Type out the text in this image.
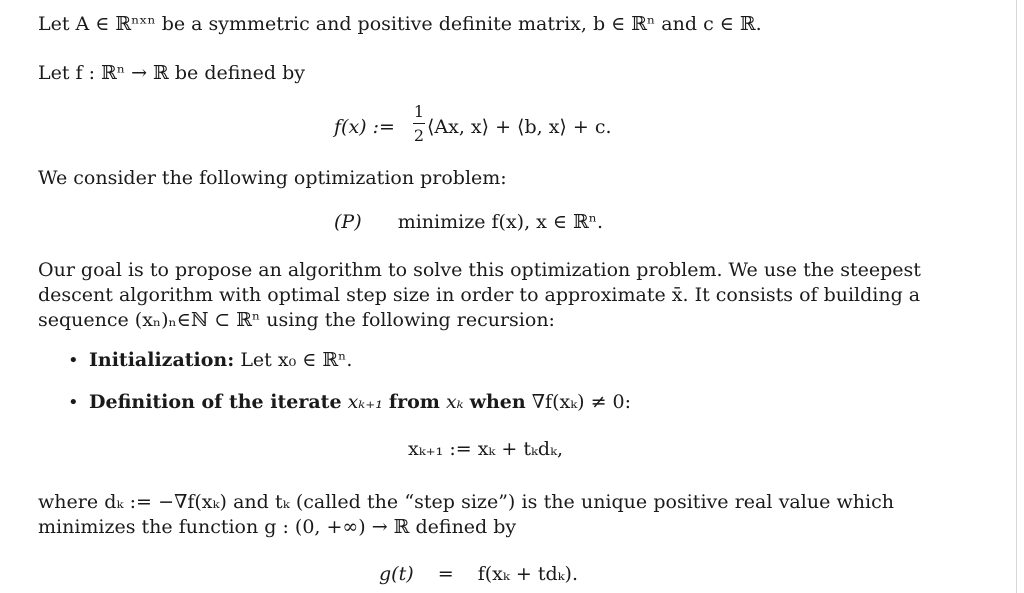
Let A ∈ ℝⁿˣⁿ be a symmetric and positive definite matrix, b ∈ ℝⁿ and c ∈ ℝ.
Let f : ℝⁿ → ℝ be defined by
f(x) :=
1
2 ⟨Ax, x⟩ + ⟨b, x⟩ + c.
We consider the following optimization problem:
(P) minimize f(x), x ∈ ℝⁿ.
Our goal is to propose an algorithm to solve this optimization problem. We use the steepest
descent algorithm with optimal step size in order to approximate x̄. It consists of building a
sequence (xₙ)ₙ∈ℕ ⊂ ℝⁿ using the following recursion:
• Initialization: Let x₀ ∈ ℝⁿ.
• Definition of the iterate xₖ₊₁ from xₖ when ∇f(xₖ) ≠ 0:
xₖ₊₁ := xₖ + tₖdₖ,
where dₖ := −∇f(xₖ) and tₖ (called the “step size”) is the unique positive real value which
minimizes the function g : (0, +∞) → ℝ defined by
g(t) = f(xₖ + tdₖ).
